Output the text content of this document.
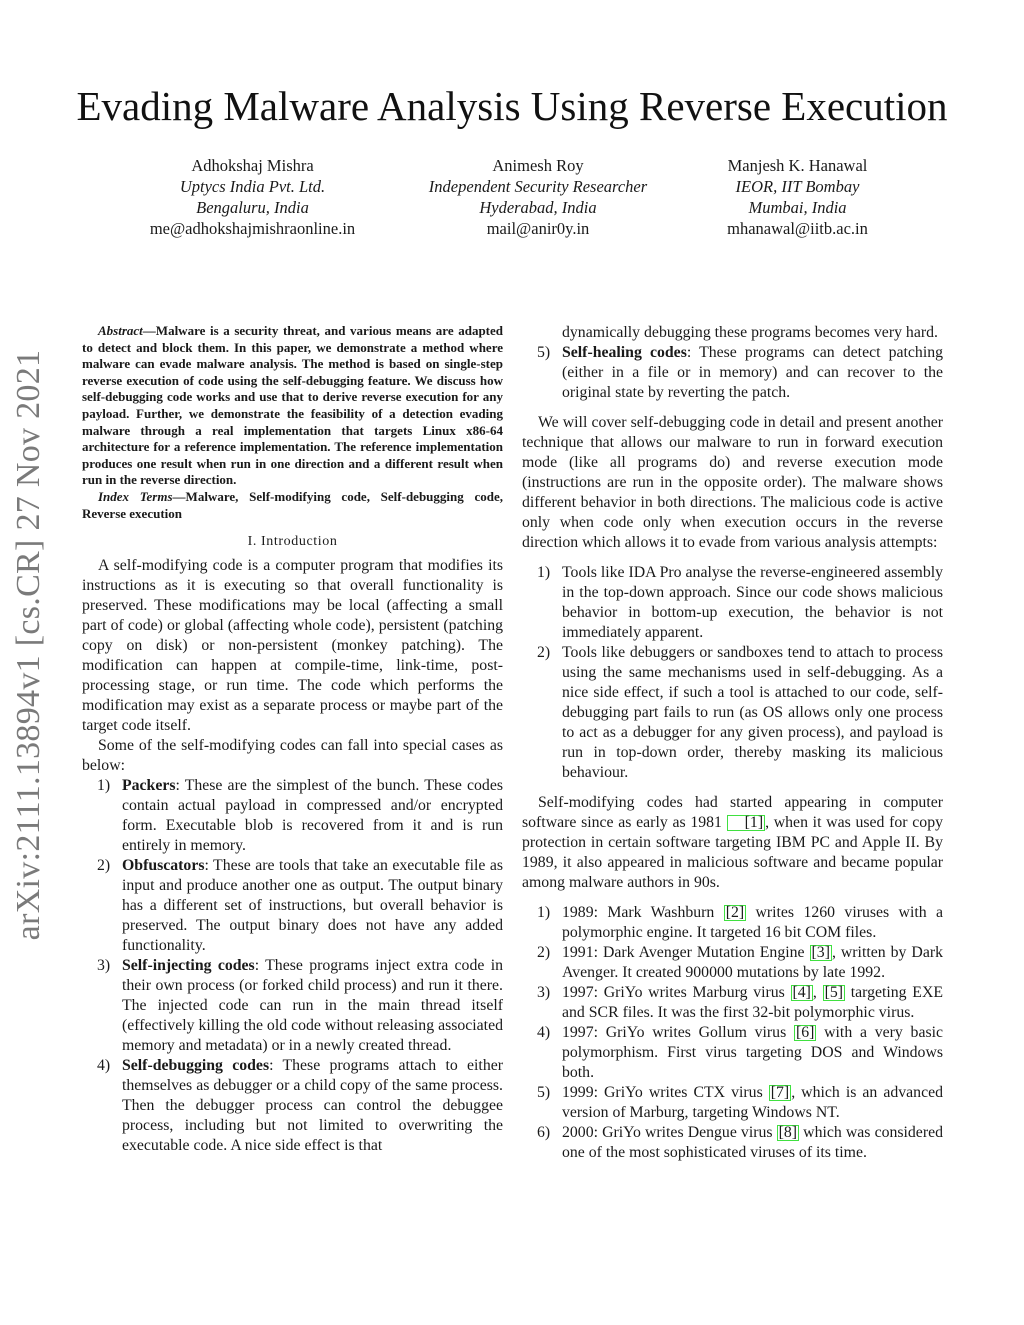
arXiv:2111.13894v1 [cs.CR] 27 Nov 2021
Evading Malware Analysis Using Reverse Execution
Adhokshaj Mishra
Uptycs India Pvt. Ltd.
Bengaluru, India
me@adhokshajmishraonline.in
Animesh Roy
Independent Security Researcher
Hyderabad, India
mail@anir0y.in
Manjesh K. Hanawal
IEOR, IIT Bombay
Mumbai, India
mhanawal@iitb.ac.in
Abstract—Malware is a security threat, and various means are adapted to detect and block them. In this paper, we demonstrate a method where malware can evade malware analysis. The method is based on single-step reverse execution of code using the self-debugging feature. We discuss how self-debugging code works and use that to derive reverse execution for any payload. Further, we demonstrate the feasibility of a detection evading malware through a real implementation that targets Linux x86-64 architecture for a reference implementation. The reference implementation produces one result when run in one direction and a different result when run in the reverse direction.
Index Terms—Malware, Self-modifying code, Self-debugging code, Reverse execution
I. Introduction

A self-modifying code is a computer program that modifies its instructions as it is executing so that overall functionality is preserved. These modifications may be local (affecting a small part of code) or global (affecting whole code), persistent (patching copy on disk) or non-persistent (monkey patching). The modification can happen at compile-time, link-time, post-processing stage, or run time. The code which performs the modification may exist as a separate process or maybe part of the target code itself.

Some of the self-modifying codes can fall into special cases as below:

1) Packers: These are the simplest of the bunch. These codes contain actual payload in compressed and/or encrypted form. Executable blob is recovered from it and is run entirely in memory.
2) Obfuscators: These are tools that take an executable file as input and produce another one as output. The output binary has a different set of instructions, but overall behavior is preserved. The output binary does not have any added functionality.
3) Self-injecting codes: These programs inject extra code in their own process (or forked child process) and run it there. The injected code can run in the main thread itself (effectively killing the old code without releasing associated memory and metadata) or in a newly created thread.
4) Self-debugging codes: These programs attach to either themselves as debugger or a child copy of the same process. Then the debugger process can control the debuggee process, including but not limited to overwriting the executable code. A nice side effect is that

dynamically debugging these programs becomes very hard.

5) Self-healing codes: These programs can detect patching (either in a file or in memory) and can recover to the original state by reverting the patch.

We will cover self-debugging code in detail and present another technique that allows our malware to run in forward execution mode (like all programs do) and reverse execution mode (instructions are run in the opposite order). The malware shows different behavior in both directions. The malicious code is active only when code only when execution occurs in the reverse direction which allows it to evade from various analysis attempts:

1) Tools like IDA Pro analyse the reverse-engineered assembly in the top-down approach. Since our code shows malicious behavior in bottom-up execution, the behavior is not immediately apparent.
2) Tools like debuggers or sandboxes tend to attach to process using the same mechanisms used in self-debugging. As a nice side effect, if such a tool is attached to our code, self-debugging part fails to run (as OS allows only one process to act as a debugger for any given process), and payload is run in top-down order, thereby masking its malicious behaviour.

Self-modifying codes had started appearing in computer software since as early as 1981 [1] , when it was used for copy protection in certain software targeting IBM PC and Apple II. By 1989, it also appeared in malicious software and became popular among malware authors in 90s.

1) 1989: Mark Washburn [2] writes 1260 viruses with a polymorphic engine. It targeted 16 bit COM files.
2) 1991: Dark Avenger Mutation Engine [3] , written by Dark Avenger. It created 900000 mutations by late 1992.
3) 1997: GriYo writes Marburg virus [4] , [5] targeting EXE and SCR files. It was the first 32-bit polymorphic virus.
4) 1997: GriYo writes Gollum virus [6] with a very basic polymorphism. First virus targeting DOS and Windows both.
5) 1999: GriYo writes CTX virus [7] , which is an advanced version of Marburg, targeting Windows NT.
6) 2000: GriYo writes Dengue virus [8] which was considered one of the most sophisticated viruses of its time.
